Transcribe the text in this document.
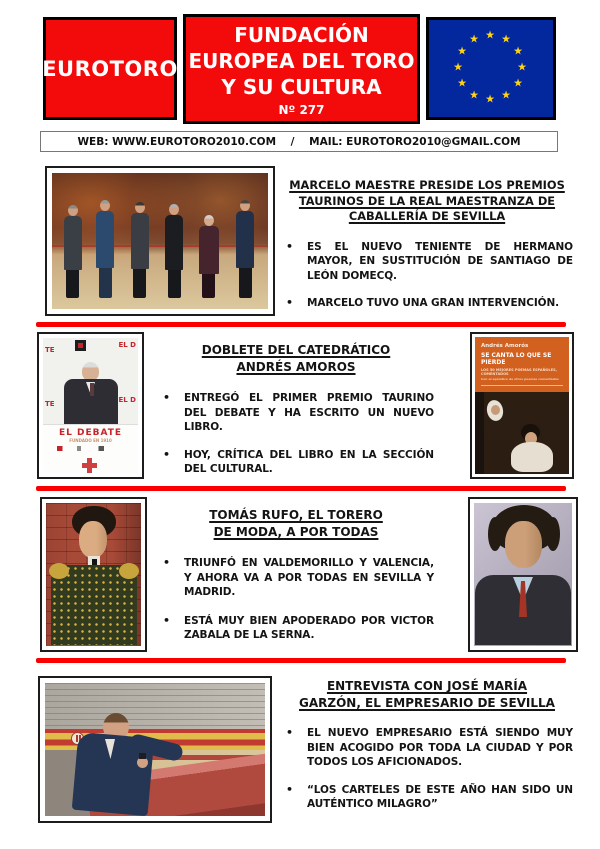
EUROTORO
FUNDACIÓN
EUROPEA DEL TORO
Y SU CULTURA
Nº 277
★ ★
★
★
★
★
★
★
★
★
★
★
WEB: WWW.EUROTORO2010.COM    /    MAIL: EUROTORO2010@GMAIL.COM
MARCELO MAESTRE PRESIDE LOS PREMIOS
TAURINOS DE LA REAL MAESTRANZA DE
CABALLERÍA DE SEVILLA
•	ES EL NUEVO TENIENTE DE HERMANO MAYOR, EN SUSTITUCIÓN DE SANTIAGO DE LEÓN DOMECQ.
•	MARCELO TUVO UNA GRAN INTERVENCIÓN.
TE
EL D
EL D
TE
EL DEBATE
FUNDADO EN 1910
DOBLETE DEL CATEDRÁTICO
ANDRÉS AMOROS
•	ENTREGÓ EL PRIMER PREMIO TAURINO DEL DEBATE Y HA ESCRITO UN NUEVO LIBRO.
•	HOY, CRÍTICA DEL LIBRO EN LA SECCIÓN DEL CULTURAL.
Andrés Amorós
SE CANTA LO QUE SE PIERDE
LOS 50 MEJORES POEMAS ESPAÑOLES, COMENTADOS
Con el apéndice de otros poemas comentados
TOMÁS RUFO, EL TORERO
DE MODA, A POR TODAS
•	TRIUNFÓ EN VALDEMORILLO Y VALENCIA, Y AHORA VA A POR TODAS EN SEVILLA Y MADRID.
•	ESTÁ MUY BIEN APODERADO POR VICTOR ZABALA DE LA SERNA.
ENTREVISTA CON JOSÉ MARÍA
GARZÓN, EL EMPRESARIO DE SEVILLA
•	EL NUEVO EMPRESARIO ESTÁ SIENDO MUY BIEN ACOGIDO POR TODA LA CIUDAD Y POR TODOS LOS AFICIONADOS.
•	“LOS CARTELES DE ESTE AÑO HAN SIDO UN AUTÉNTICO MILAGRO”
